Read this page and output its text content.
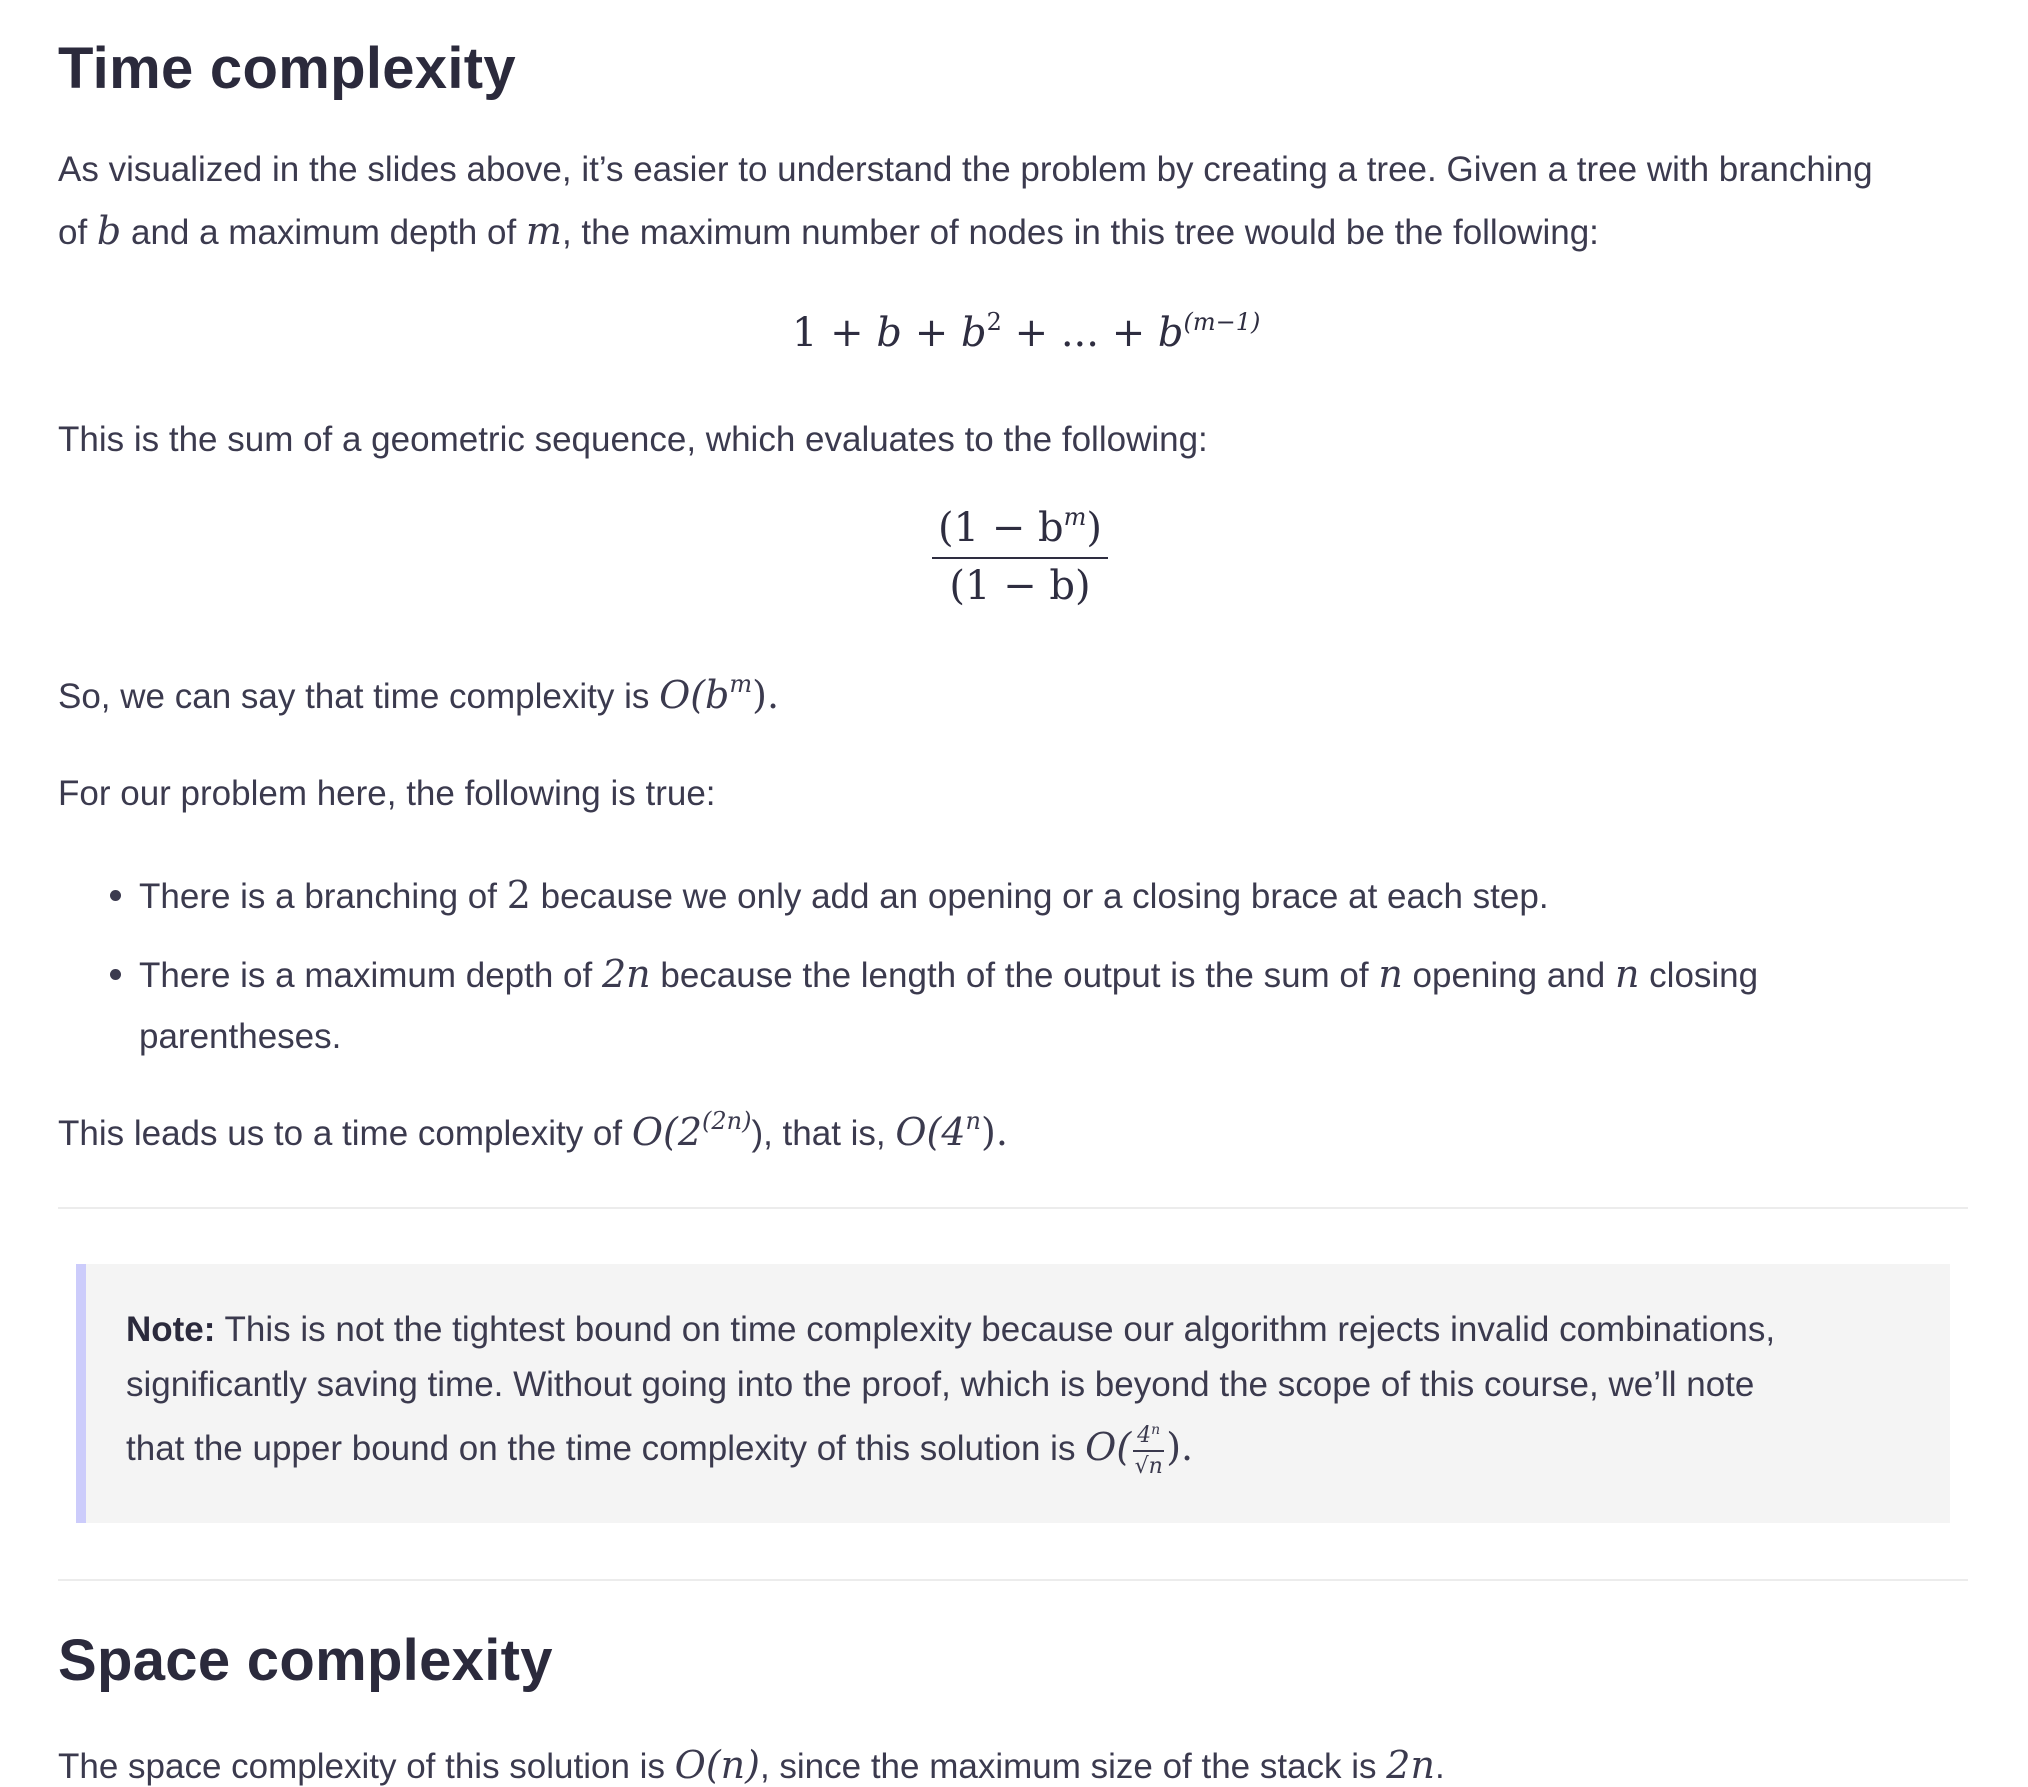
Time complexity
As visualized in the slides above, it’s easier to understand the problem by creating a tree. Given a tree with branching
of b and a maximum depth of m, the maximum number of nodes in this tree would be the following:
$1 + b + b^2$ + ... + $b^{(m-1)}$
This is the sum of a geometric sequence, which evaluates to the following:
$\frac{(1 - b^m)}{(1 - b)}$
So, we can say that time complexity is $O(b^m)$.
For our problem here, the following is true:
There is a branching of 2 because we only add an opening or a closing brace at each step.
There is a maximum depth of 2n because the length of the output is the sum of n opening and n closing
parentheses.
This leads us to a time complexity of $O(2^{(2n)})$, that is, O(4$^n$).
Note: This is not the tightest bound on time complexity because our algorithm rejects invalid combinations,
significantly saving time. Without going into the proof, which is beyond the scope of this course, we’ll note
that the upper bound on the time complexity of this solution is $O( \frac{4^n}{√n}$ ).
Space complexity
The space complexity of this solution is O(n), since the maximum size of the stack is 2n.
